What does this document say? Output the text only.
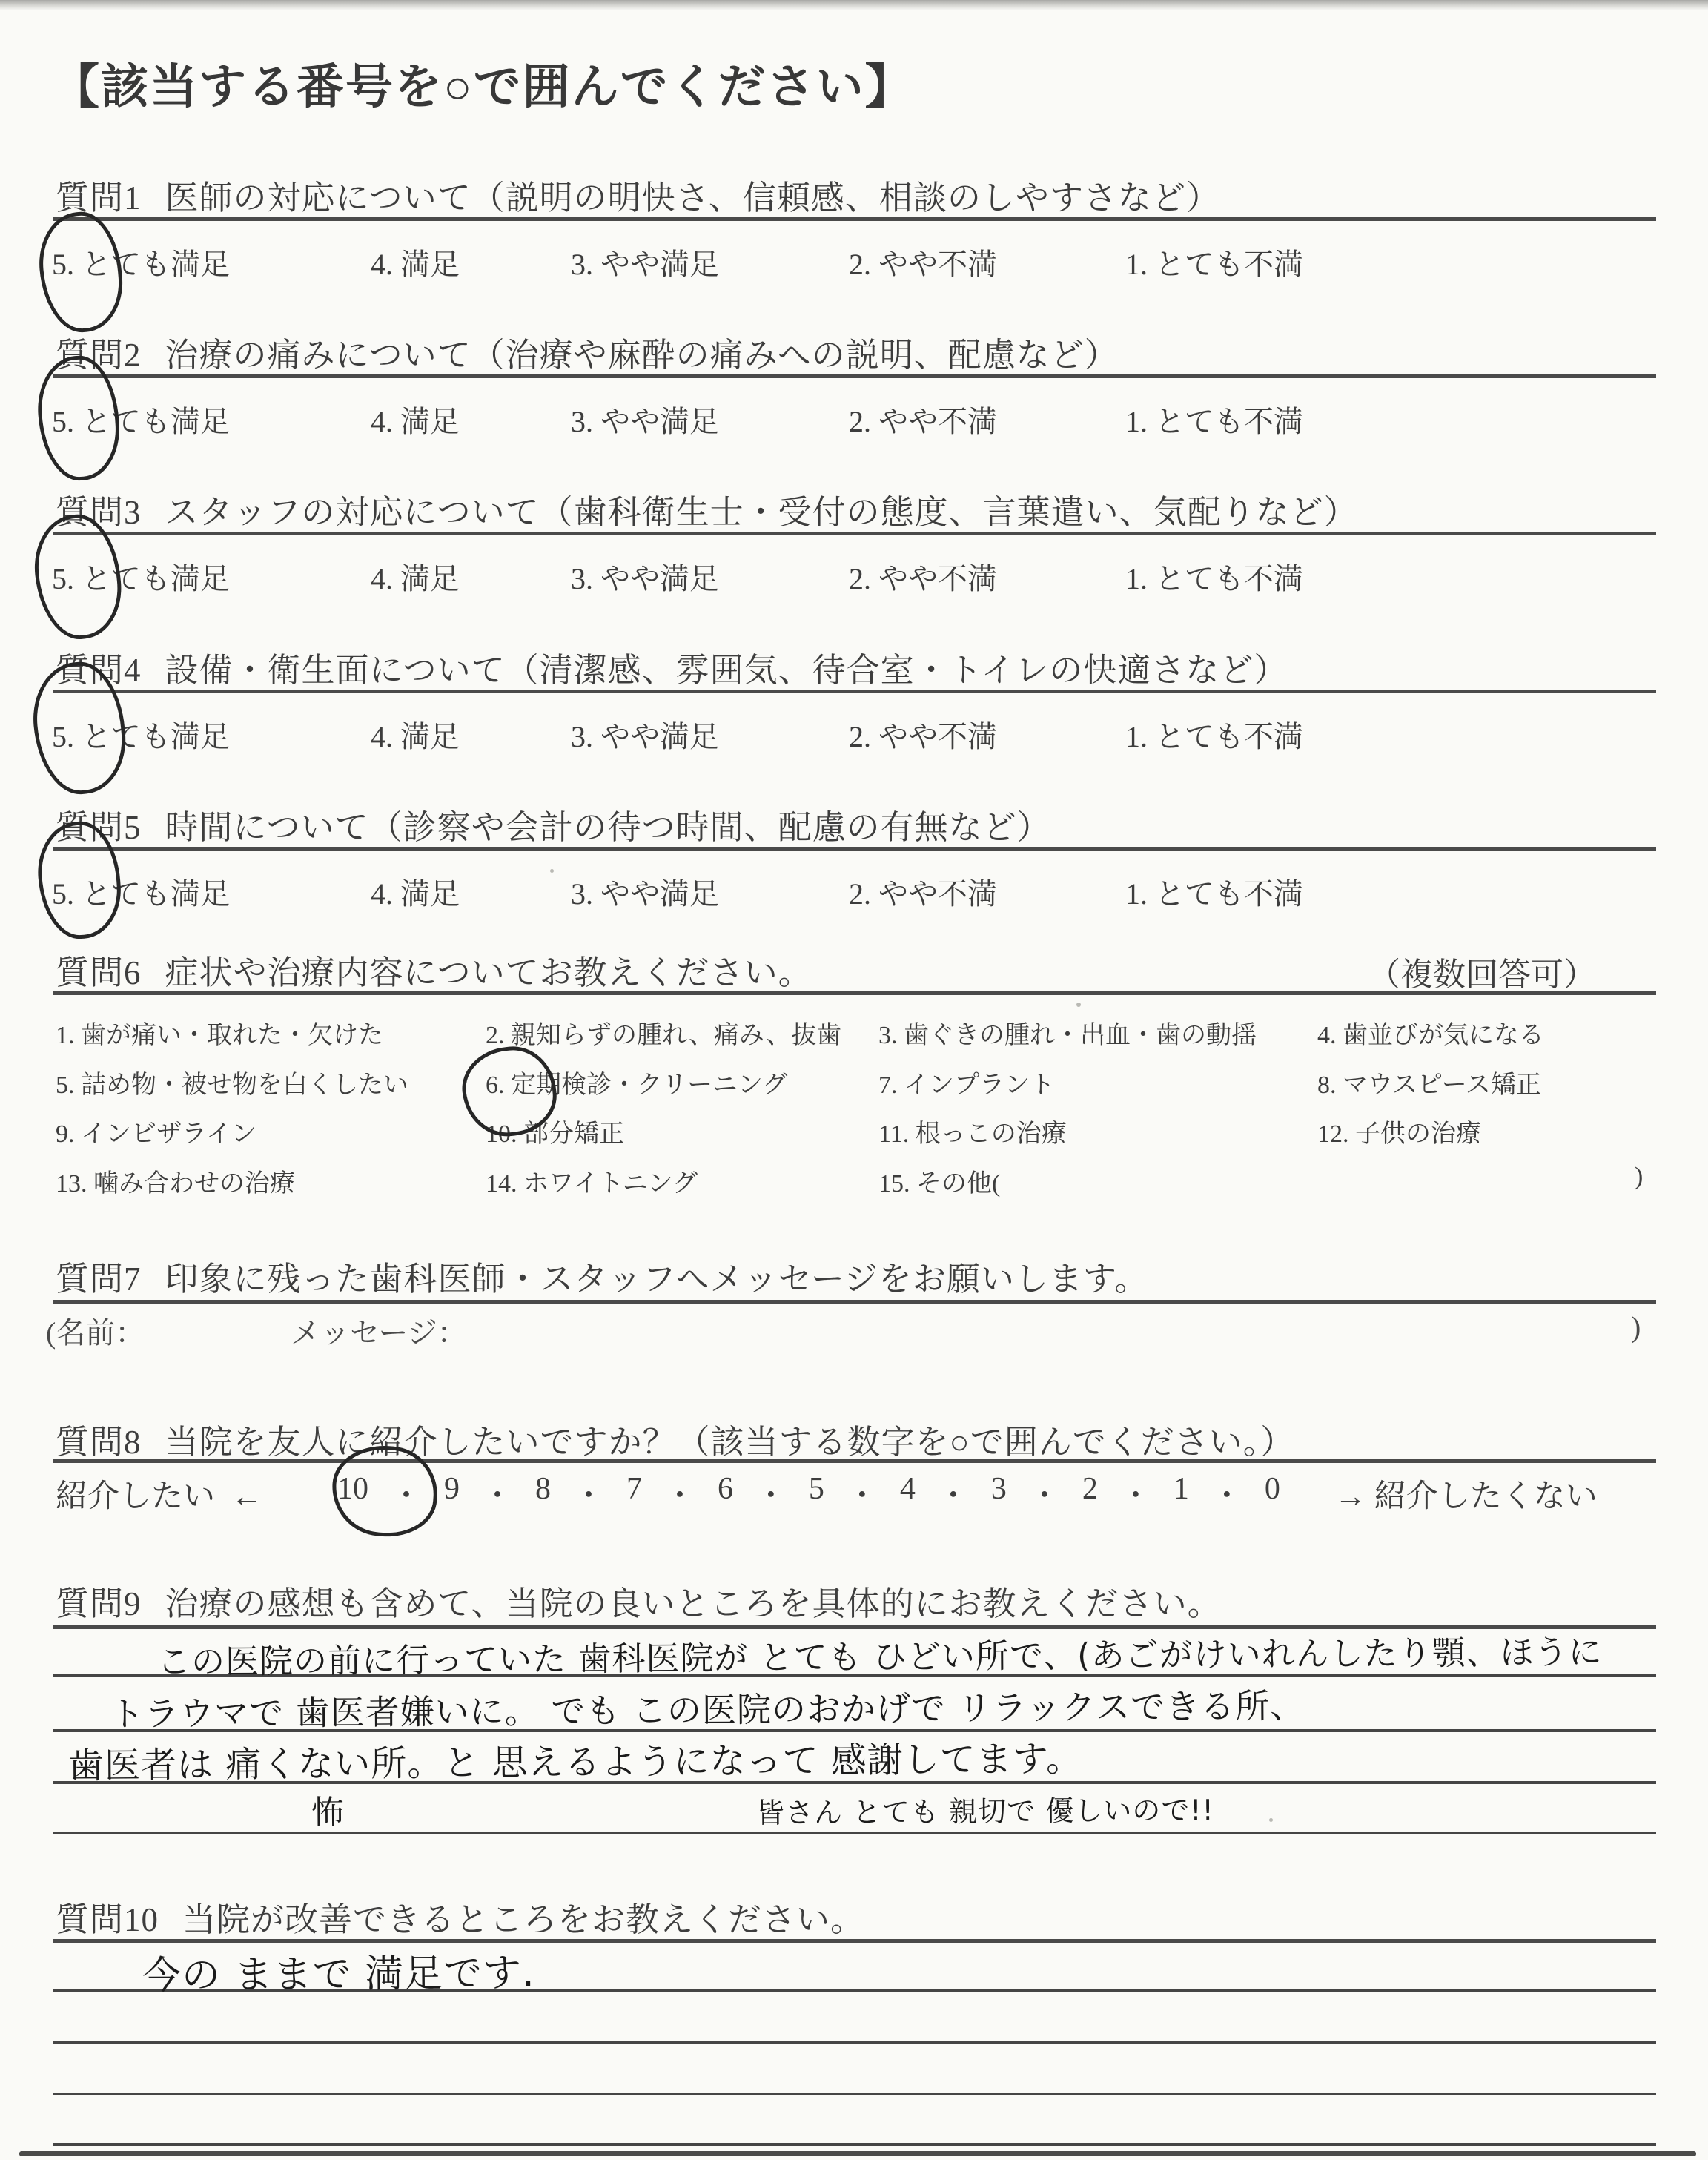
【該当する番号を○で囲んでください】
質問1 医師の対応について（説明の明快さ、信頼感、相談のしやすさなど）
5. とても満足	4. 満足	3. やや満足	2. やや不満	1. とても不満
質問2 治療の痛みについて（治療や麻酔の痛みへの説明、配慮など）
5. とても満足	4. 満足	3. やや満足	2. やや不満	1. とても不満
質問3 スタッフの対応について（歯科衛生士・受付の態度、言葉遣い、気配りなど）
5. とても満足	4. 満足	3. やや満足	2. やや不満	1. とても不満
質問4 設備・衛生面について（清潔感、雰囲気、待合室・トイレの快適さなど）
5. とても満足	4. 満足	3. やや満足	2. やや不満	1. とても不満
質問5 時間について（診察や会計の待つ時間、配慮の有無など）
5. とても満足	4. 満足	3. やや満足	2. やや不満	1. とても不満
質問6 症状や治療内容についてお教えください。	（複数回答可）
1. 歯が痛い・取れた・欠けた	2. 親知らずの腫れ、痛み、抜歯 3. 歯ぐきの腫れ・出血・歯の動揺 4. 歯並びが気になる
5. 詰め物・被せ物を白くしたい	6. 定期検診・クリーニング	7. インプラント	8. マウスピース矯正
9. インビザライン	10. 部分矯正	11. 根っこの治療	12. 子供の治療
13. 噛み合わせの治療	14. ホワイトニング	15. その他(	)
質問7 印象に残った歯科医師・スタッフへメッセージをお願いします。
(名前：	メッセージ：	)
質問8 当院を友人に紹介したいですか？（該当する数字を○で囲んでください。）
紹介したい ← 10 ・ 9 ・ 8 ・ 7 ・ 6 ・ 5 ・ 4 ・ 3 ・ 2 ・ 1 ・ 0 → 紹介したくない
質問9 治療の感想も含めて、当院の良いところを具体的にお教えください。
この医院の前に行っていた 歯科医院が とても ひどい所で、(あごがけいれんしたり顎、ほうに
トラウマで 歯医者嫌いに。 でも この医院のおかげで リラックスできる所、
歯医者は 痛くない所。と 思えるようになって 感謝してます。
怖	皆さん とても 親切で 優しいので!!
質問10 当院が改善できるところをお教えください。
今の ままで 満足です.
